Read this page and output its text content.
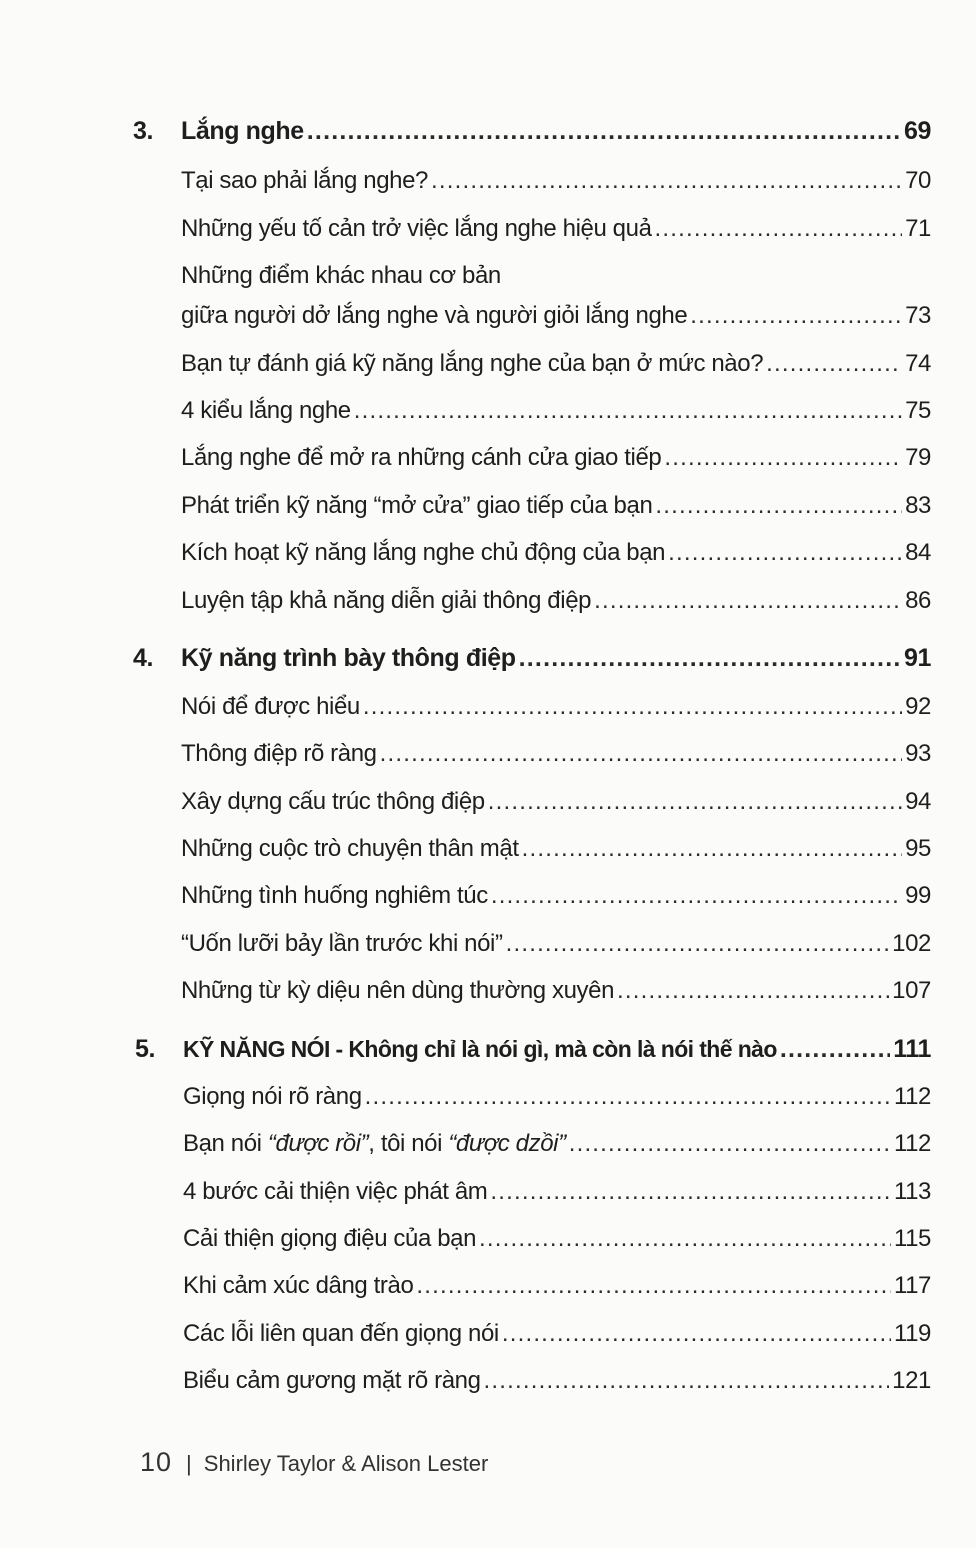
3.	Lắng nghe .....	69
Tại sao phải lắng nghe? .....	70
Những yếu tố cản trở việc lắng nghe hiệu quả .....	71
Những điểm khác nhau cơ bản
giữa người dở lắng nghe và người giỏi lắng nghe .....	73
Bạn tự đánh giá kỹ năng lắng nghe của bạn ở mức nào? .....	74
4 kiểu lắng nghe .....	75
Lắng nghe để mở ra những cánh cửa giao tiếp .....	79
Phát triển kỹ năng “mở cửa” giao tiếp của bạn .....	83
Kích hoạt kỹ năng lắng nghe chủ động của bạn .....	84
Luyện tập khả năng diễn giải thông điệp .....	86
4.	Kỹ năng trình bày thông điệp .....	91
Nói để được hiểu .....	92
Thông điệp rõ ràng .....	93
Xây dựng cấu trúc thông điệp .....	94
Những cuộc trò chuyện thân mật .....	95
Những tình huống nghiêm túc .....	99
“Uốn lưỡi bảy lần trước khi nói” .....	102
Những từ kỳ diệu nên dùng thường xuyên .....	107
5.	KỸ NĂNG NÓI - Không chỉ là nói gì, mà còn là nói thế nào .....	111
Giọng nói rõ ràng .....	112
Bạn nói “được rồi”, tôi nói “được dzồi” .....	112
4 bước cải thiện việc phát âm .....	113
Cải thiện giọng điệu của bạn .....	115
Khi cảm xúc dâng trào .....	117
Các lỗi liên quan đến giọng nói .....	119
Biểu cảm gương mặt rõ ràng .....	121
10 | Shirley Taylor & Alison Lester
